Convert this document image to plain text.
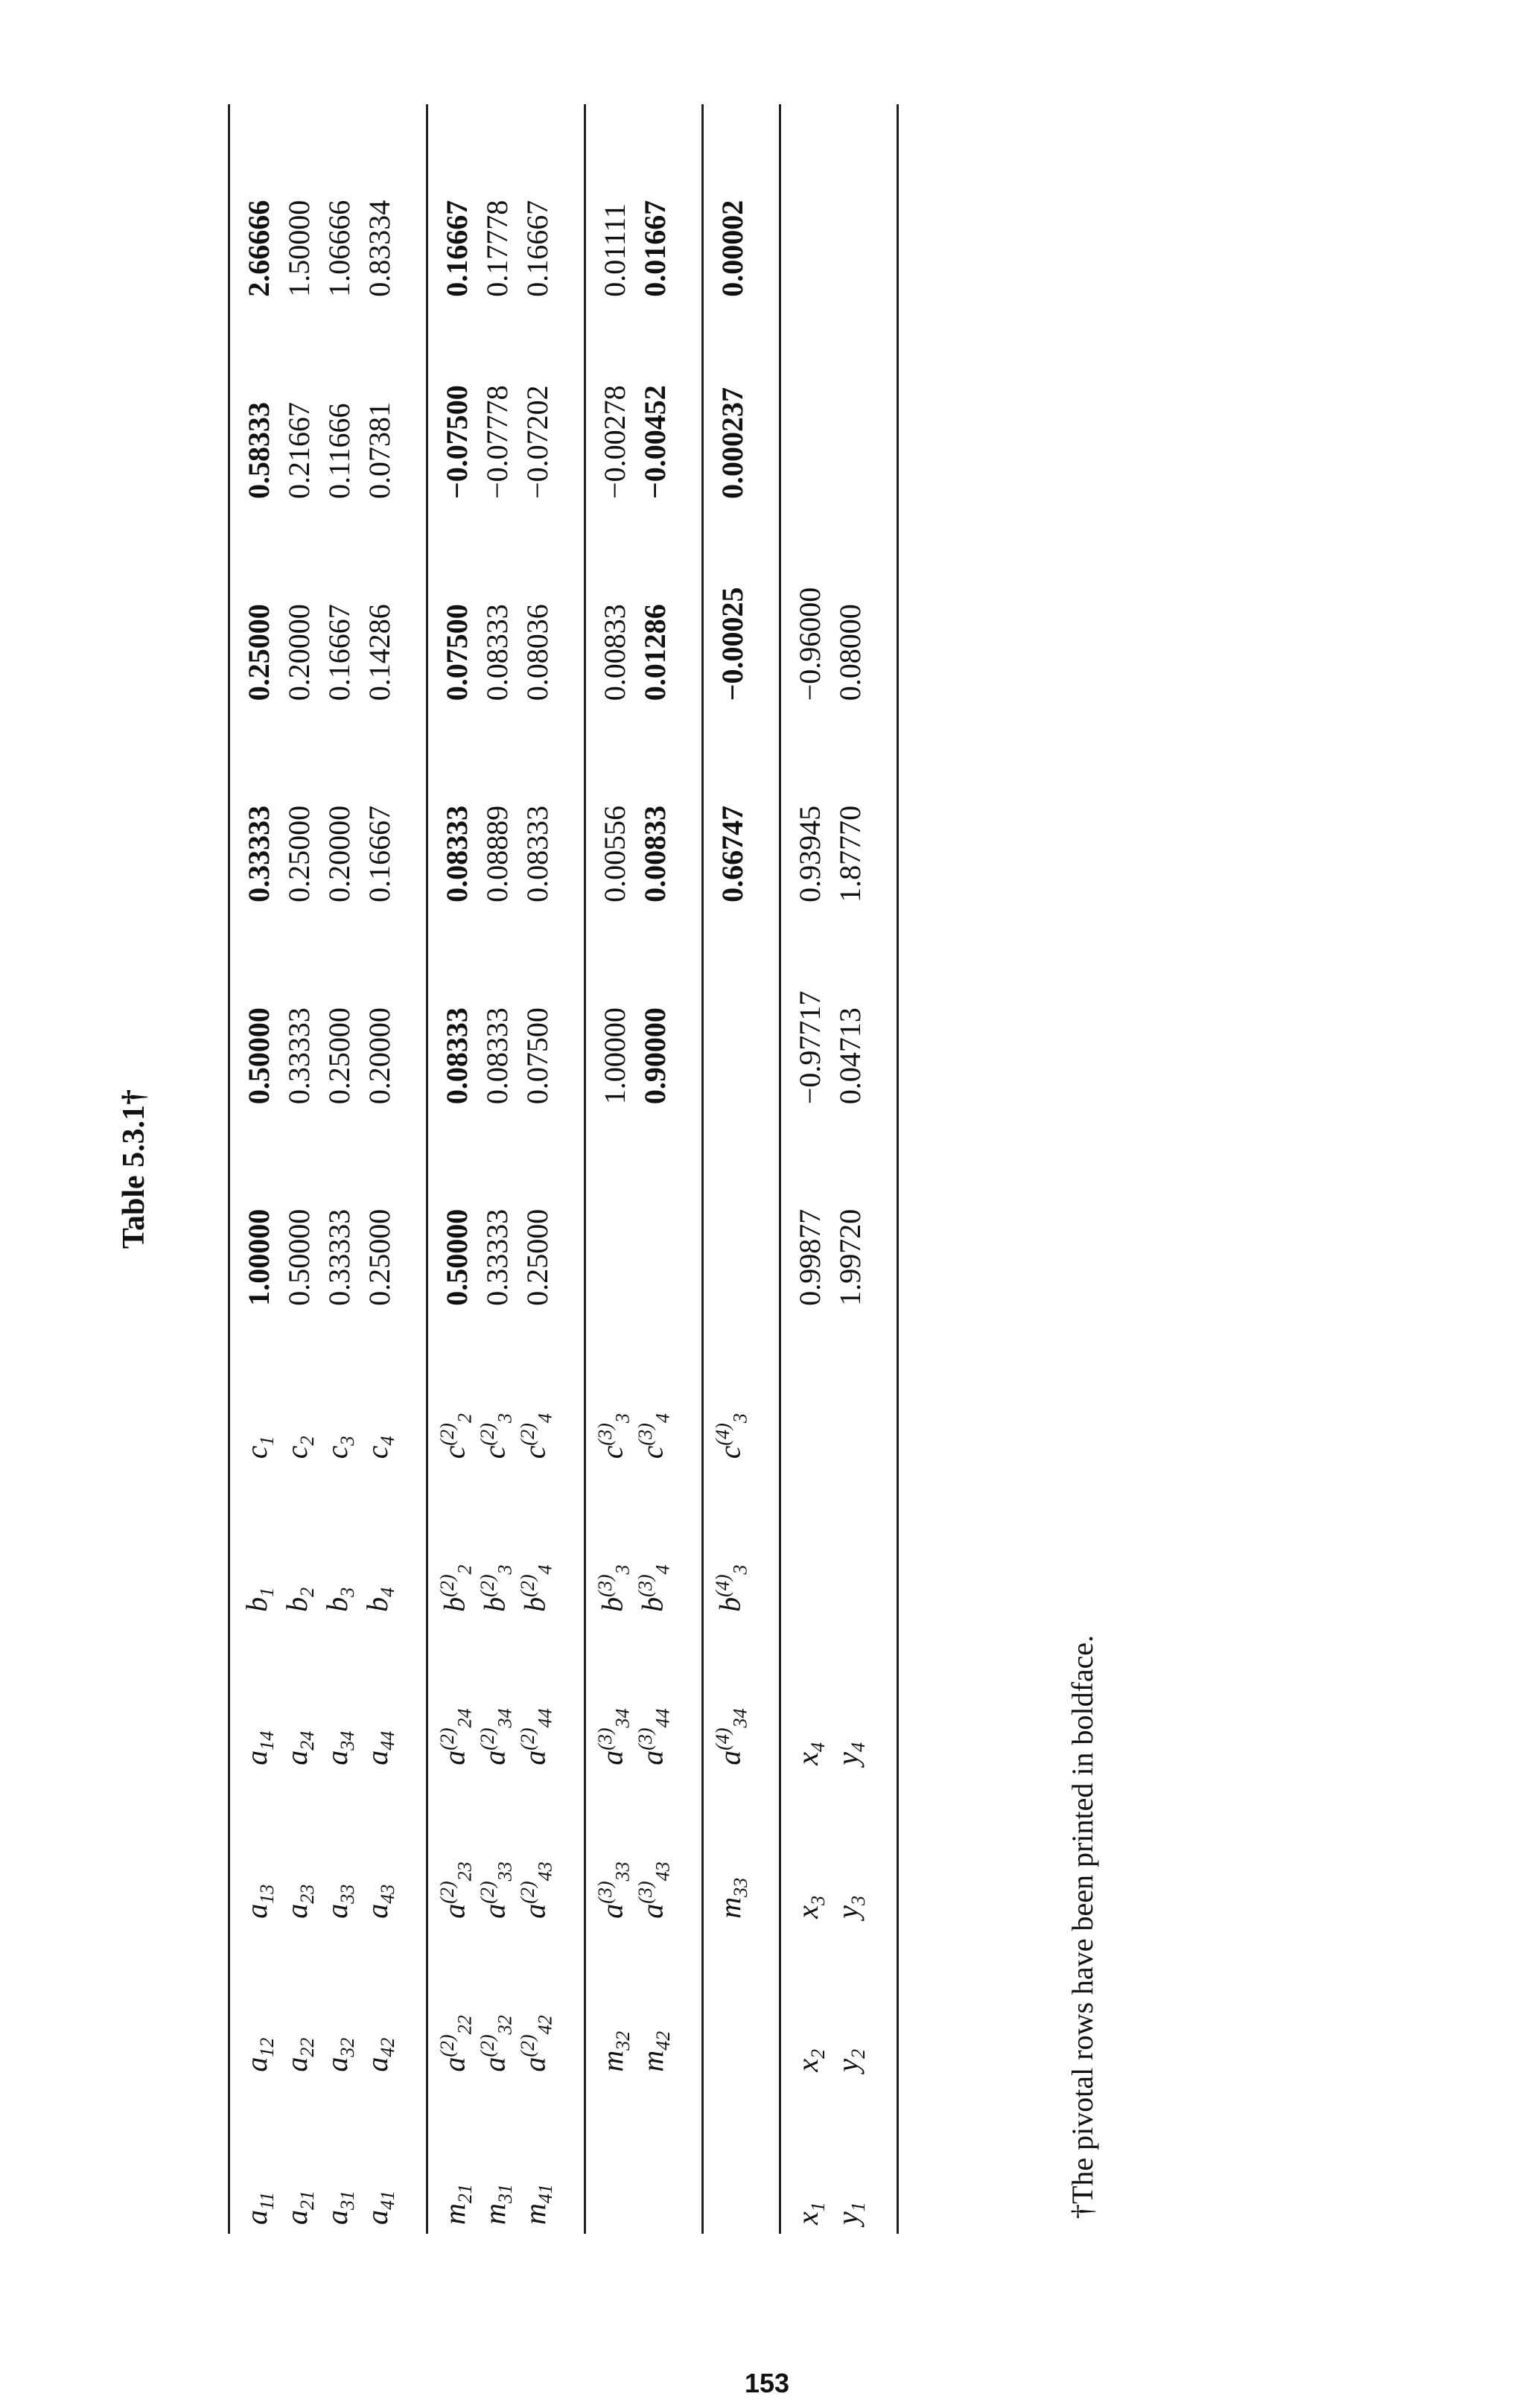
Table 5.3.1†

$a_{11}$	$a_{12}$	$a_{13}$	$a_{14}$	$b_1$	$c_1$	1.00000	0.50000	0.33333	0.25000	0.58333	2.66666
$a_{21}$	$a_{22}$	$a_{23}$	$a_{24}$	$b_2$	$c_2$	0.50000	0.33333	0.25000	0.20000	0.21667	1.50000
$a_{31}$	$a_{32}$	$a_{33}$	$a_{34}$	$b_3$	$c_3$	0.33333	0.25000	0.20000	0.16667	0.11666	1.06666
$a_{41}$	$a_{42}$	$a_{43}$	$a_{44}$	$b_4$	$c_4$	0.25000	0.20000	0.16667	0.14286	0.07381	0.83334

$m_{21}$	$a^{(2)}_{22}$	$a^{(2)}_{23}$	$a^{(2)}_{24}$	$b^{(2)}_2$	$c^{(2)}_2$	0.50000	0.08333	0.08333	0.07500	−0.07500	0.16667
$m_{31}$	$a^{(2)}_{32}$	$a^{(2)}_{33}$	$a^{(2)}_{34}$	$b^{(2)}_3$	$c^{(2)}_3$	0.33333	0.08333	0.08889	0.08333	−0.07778	0.17778
$m_{41}$	$a^{(2)}_{42}$	$a^{(2)}_{43}$	$a^{(2)}_{44}$	$b^{(2)}_4$	$c^{(2)}_4$	0.25000	0.07500	0.08333	0.08036	−0.07202	0.16667

	$m_{32}$	$a^{(3)}_{33}$	$a^{(3)}_{34}$	$b^{(3)}_3$	$c^{(3)}_3$		1.00000	0.00556	0.00833	−0.00278	0.01111
	$m_{42}$	$a^{(3)}_{43}$	$a^{(3)}_{44}$	$b^{(3)}_4$	$c^{(3)}_4$		0.90000	0.00833	0.01286	−0.00452	0.01667

		$m_{33}$	$a^{(4)}_{34}$	$b^{(4)}_3$	$c^{(4)}_3$			0.66747	−0.00025	0.000237	0.00002

$x_1$	$x_2$	$x_3$	$x_4$			0.99877	−0.97717	0.93945	−0.96000		
$y_1$	$y_2$	$y_3$	$y_4$			1.99720	0.04713	1.87770	0.08000		

†The pivotal rows have been printed in boldface.
153
